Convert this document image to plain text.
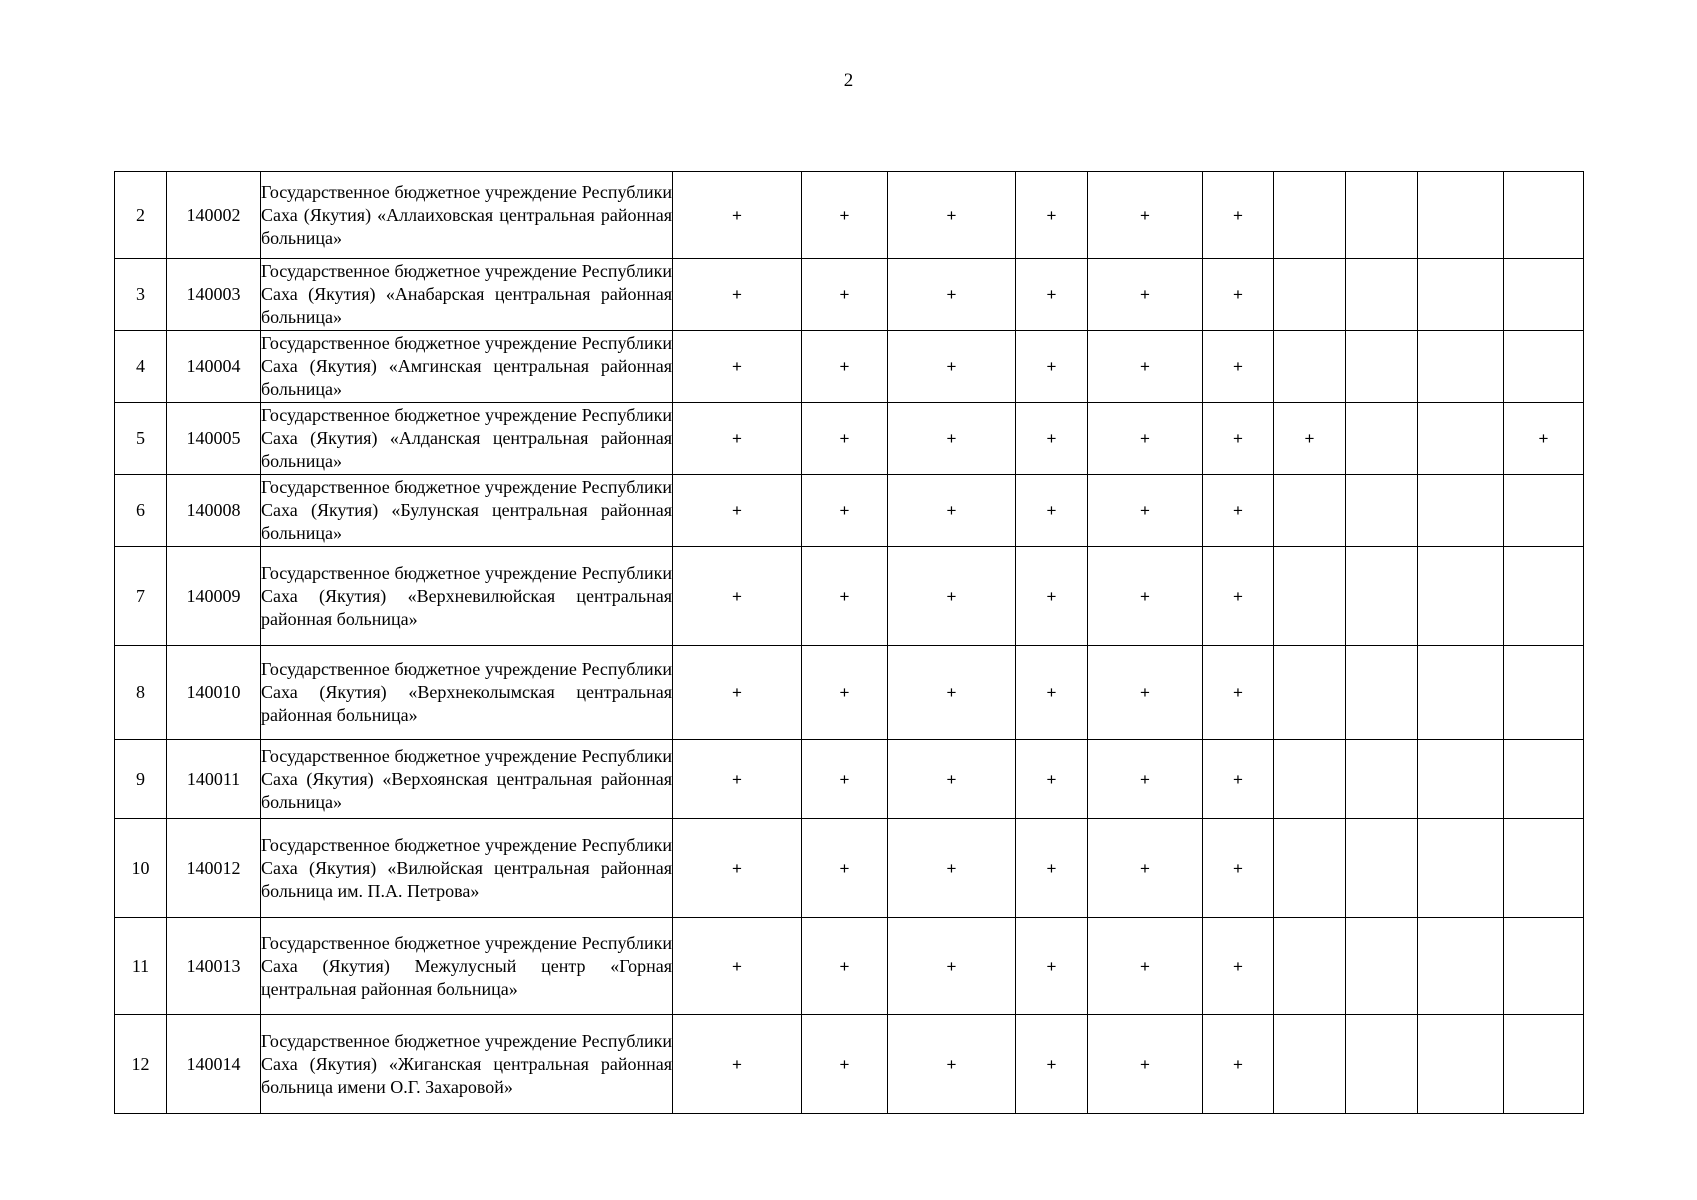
2
2	140002	Государственное бюджетное учреждение Республики Саха (Якутия) «Аллаиховская центральная районная больница»	+	+	+	+	+	+				
3	140003	Государственное бюджетное учреждение Республики Саха (Якутия) «Анабарская центральная районная больница»	+	+	+	+	+	+				
4	140004	Государственное бюджетное учреждение Республики Саха (Якутия) «Амгинская центральная районная больница»	+	+	+	+	+	+				
5	140005	Государственное бюджетное учреждение Республики Саха (Якутия) «Алданская центральная районная больница»	+	+	+	+	+	+	+			+
6	140008	Государственное бюджетное учреждение Республики Саха (Якутия) «Булунская центральная районная больница»	+	+	+	+	+	+				
7	140009	Государственное бюджетное учреждение Республики Саха (Якутия) «Верхневилюйская центральная районная больница»	+	+	+	+	+	+				
8	140010	Государственное бюджетное учреждение Республики Саха (Якутия) «Верхнеколымская центральная районная больница»	+	+	+	+	+	+				
9	140011	Государственное бюджетное учреждение Республики Саха (Якутия) «Верхоянская центральная районная больница»	+	+	+	+	+	+				
10	140012	Государственное бюджетное учреждение Республики Саха (Якутия) «Вилюйская центральная районная больница им. П.А. Петрова»	+	+	+	+	+	+				
11	140013	Государственное бюджетное учреждение Республики Саха (Якутия) Межулусный центр «Горная центральная районная больница»	+	+	+	+	+	+				
12	140014	Государственное бюджетное учреждение Республики Саха (Якутия) «Жиганская центральная районная больница имени О.Г. Захаровой»	+	+	+	+	+	+				
